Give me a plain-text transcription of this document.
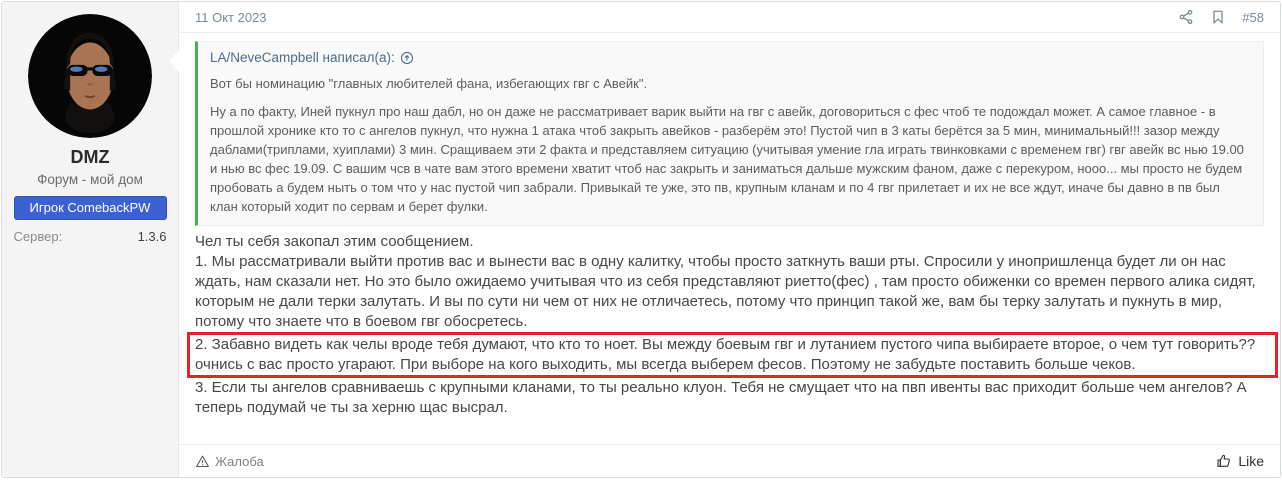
DMZ
Форум - мой дом
Игрок ComebackPW
Сервер:	1.3.6
11 Окт 2023	#58
LA/NeveCampbell написал(а):

Вот бы номинацию "главных любителей фана, избегающих гвг с Авейк".

Ну а по факту, Иней пукнул про наш дабл, но он даже не рассматривает варик выйти на гвг с авейк, договориться с фес чтоб те подождал может. А самое главное - в прошлой хронике кто то с ангелов пукнул, что нужна 1 атака чтоб закрыть авейков - разберём это! Пустой чип в 3 каты берётся за 5 мин, минимальный!!! зазор между даблами(триплами, хуиплами) 3 мин. Сращиваем эти 2 факта и представляем ситуацию (учитывая умение гла играть твинковками с временем гвг) гвг авейк вс нью 19.00 и нью вс фес 19.09. С вашим чсв в чате вам этого времени хватит чтоб нас закрыть и заниматься дальше мужским фаном, даже с перекуром, нооо... мы просто не будем пробовать а будем ныть о том что у нас пустой чип забрали. Привыкай те уже, это пв, крупным кланам и по 4 гвг прилетает и их не все ждут, иначе бы давно в пв был клан который ходит по сервам и берет фулки.

Чел ты себя закопал этим сообщением.
1. Мы рассматривали выйти против вас и вынести вас в одну калитку, чтобы просто заткнуть ваши рты. Спросили у инопришленца будет ли он нас ждать, нам сказали нет. Но это было ожидаемо учитывая что из себя представляют риетто(фес) , там просто обиженки со времен первого алика сидят, которым не дали терки залутать. И вы по сути ни чем от них не отличаетесь, потому что принцип такой же, вам бы терку залутать и пукнуть в мир, потому что знаете что в боевом гвг обосретесь.
2. Забавно видеть как челы вроде тебя думают, что кто то ноет. Вы между боевым гвг и лутанием пустого чипа выбираете второе, о чем тут говорить?? очнись с вас просто угарают. При выборе на кого выходить, мы всегда выберем фесов. Поэтому не забудьте поставить больше чеков.
3. Если ты ангелов сравниваешь с крупными кланами, то ты реально клуон. Тебя не смущает что на пвп ивенты вас приходит больше чем ангелов? А теперь подумай че ты за херню щас высрал.
Жалоба	Like
